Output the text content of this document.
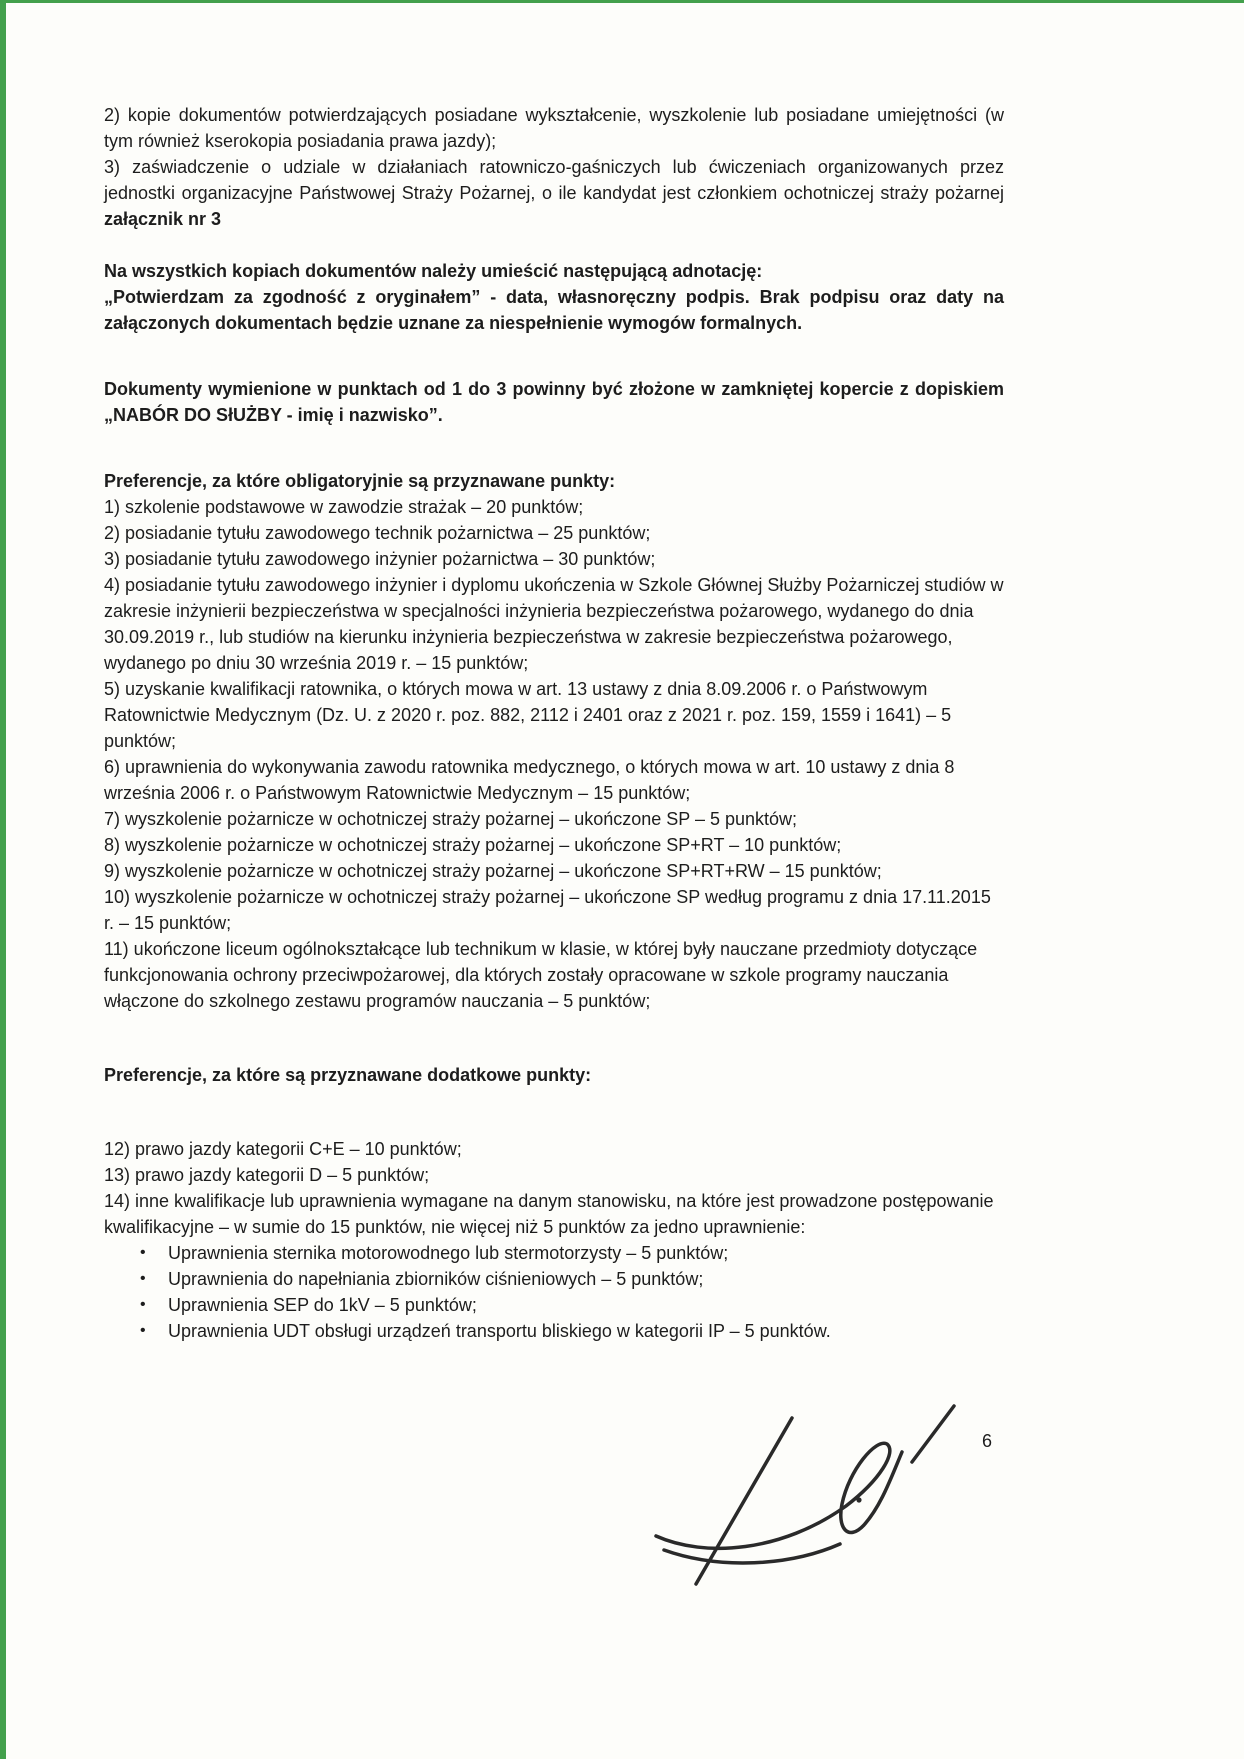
2) kopie dokumentów potwierdzających posiadane wykształcenie, wyszkolenie lub posiadane umiejętności (w tym również kserokopia posiadania prawa jazdy);

3) zaświadczenie o udziale w działaniach ratowniczo-gaśniczych lub ćwiczeniach organizowanych przez jednostki organizacyjne Państwowej Straży Pożarnej, o ile kandydat jest członkiem ochotniczej straży pożarnej załącznik nr 3

Na wszystkich kopiach dokumentów należy umieścić następującą adnotację:
„Potwierdzam za zgodność z oryginałem” - data, własnoręczny podpis. Brak podpisu oraz daty na załączonych dokumentach będzie uznane za niespełnienie wymogów formalnych.

Dokumenty wymienione w punktach od 1 do 3 powinny być złożone w zamkniętej kopercie z dopiskiem „NABÓR DO SłUŻBY - imię i nazwisko”.

Preferencje, za które obligatoryjnie są przyznawane punkty:

1) szkolenie podstawowe w zawodzie strażak – 20 punktów;

2) posiadanie tytułu zawodowego technik pożarnictwa – 25 punktów;

3) posiadanie tytułu zawodowego inżynier pożarnictwa – 30 punktów;

4) posiadanie tytułu zawodowego inżynier i dyplomu ukończenia w Szkole Głównej Służby Pożarniczej studiów w zakresie inżynierii bezpieczeństwa w specjalności inżynieria bezpieczeństwa pożarowego, wydanego do dnia 30.09.2019 r., lub studiów na kierunku inżynieria bezpieczeństwa w zakresie bezpieczeństwa pożarowego, wydanego po dniu 30 września 2019 r. – 15 punktów;

5) uzyskanie kwalifikacji ratownika, o których mowa w art. 13 ustawy z dnia 8.09.2006 r. o Państwowym Ratownictwie Medycznym (Dz. U. z 2020 r. poz. 882, 2112 i 2401 oraz z 2021 r. poz. 159, 1559 i 1641) – 5 punktów;

6) uprawnienia do wykonywania zawodu ratownika medycznego, o których mowa w art. 10 ustawy z dnia 8 września 2006 r. o Państwowym Ratownictwie Medycznym – 15 punktów;

7) wyszkolenie pożarnicze w ochotniczej straży pożarnej – ukończone SP – 5 punktów;

8) wyszkolenie pożarnicze w ochotniczej straży pożarnej – ukończone SP+RT – 10 punktów;

9) wyszkolenie pożarnicze w ochotniczej straży pożarnej – ukończone SP+RT+RW – 15 punktów;

10) wyszkolenie pożarnicze w ochotniczej straży pożarnej – ukończone SP według programu z dnia 17.11.2015 r. – 15 punktów;

11) ukończone liceum ogólnokształcące lub technikum w klasie, w której były nauczane przedmioty dotyczące funkcjonowania ochrony przeciwpożarowej, dla których zostały opracowane w szkole programy nauczania włączone do szkolnego zestawu programów nauczania – 5 punktów;

Preferencje, za które są przyznawane dodatkowe punkty:

12) prawo jazdy kategorii C+E – 10 punktów;

13) prawo jazdy kategorii D – 5 punktów;

14) inne kwalifikacje lub uprawnienia wymagane na danym stanowisku, na które jest prowadzone postępowanie kwalifikacyjne – w sumie do 15 punktów, nie więcej niż 5 punktów za jedno uprawnienie:

• Uprawnienia sternika motorowodnego lub stermotorzysty – 5 punktów;
• Uprawnienia do napełniania zbiorników ciśnieniowych – 5 punktów;
• Uprawnienia SEP do 1kV – 5 punktów;
• Uprawnienia UDT obsługi urządzeń transportu bliskiego w kategorii IP – 5 punktów.
6
